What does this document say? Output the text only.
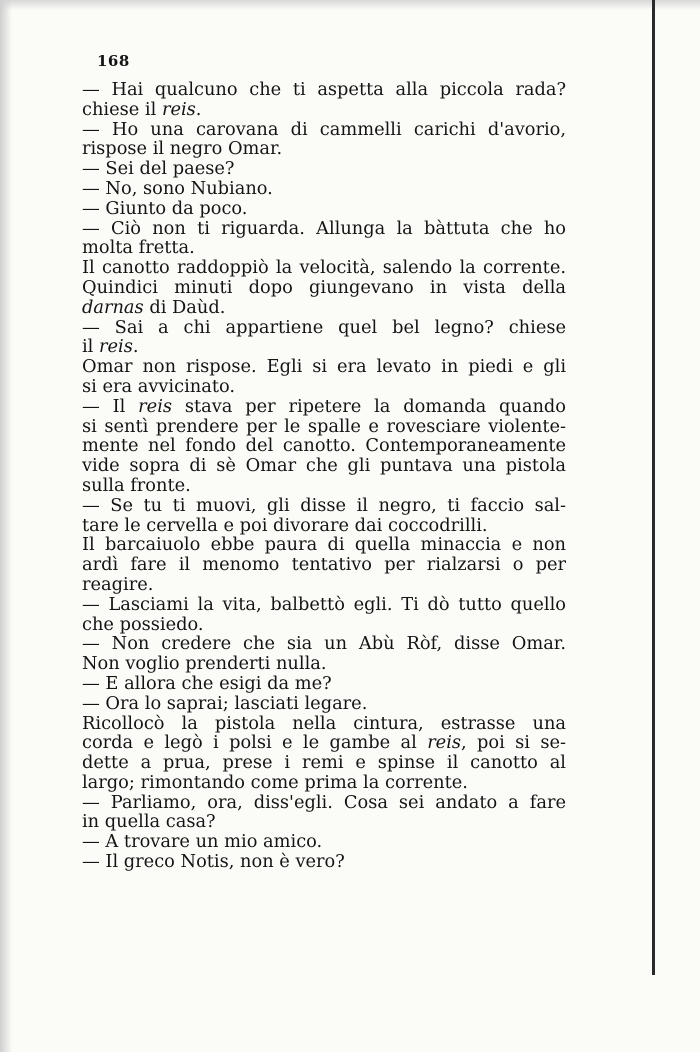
168
— Hai qualcuno che ti aspetta alla piccola rada?
chiese il reis.
— Ho una carovana di cammelli carichi d'avorio,
rispose il negro Omar.
— Sei del paese?
— No, sono Nubiano.
— Giunto da poco.
— Ciò non ti riguarda. Allunga la bàttuta che ho
molta fretta.
Il canotto raddoppiò la velocità, salendo la corrente.
Quindici minuti dopo giungevano in vista della
darnas di Daùd.
— Sai a chi appartiene quel bel legno? chiese
il reis.
Omar non rispose. Egli si era levato in piedi e gli
si era avvicinato.
— Il reis stava per ripetere la domanda quando
si sentì prendere per le spalle e rovesciare violente-
mente nel fondo del canotto. Contemporaneamente
vide sopra di sè Omar che gli puntava una pistola
sulla fronte.
— Se tu ti muovi, gli disse il negro, ti faccio sal-
tare le cervella e poi divorare dai coccodrilli.
Il barcaiuolo ebbe paura di quella minaccia e non
ardì fare il menomo tentativo per rialzarsi o per
reagire.
— Lasciami la vita, balbettò egli. Ti dò tutto quello
che possiedo.
— Non credere che sia un Abù Ròf, disse Omar.
Non voglio prenderti nulla.
— E allora che esigi da me?
— Ora lo saprai; lasciati legare.
Ricollocò la pistola nella cintura, estrasse una
corda e legò i polsi e le gambe al reis, poi si se-
dette a prua, prese i remi e spinse il canotto al
largo; rimontando come prima la corrente.
— Parliamo, ora, diss'egli. Cosa sei andato a fare
in quella casa?
— A trovare un mio amico.
— Il greco Notis, non è vero?
